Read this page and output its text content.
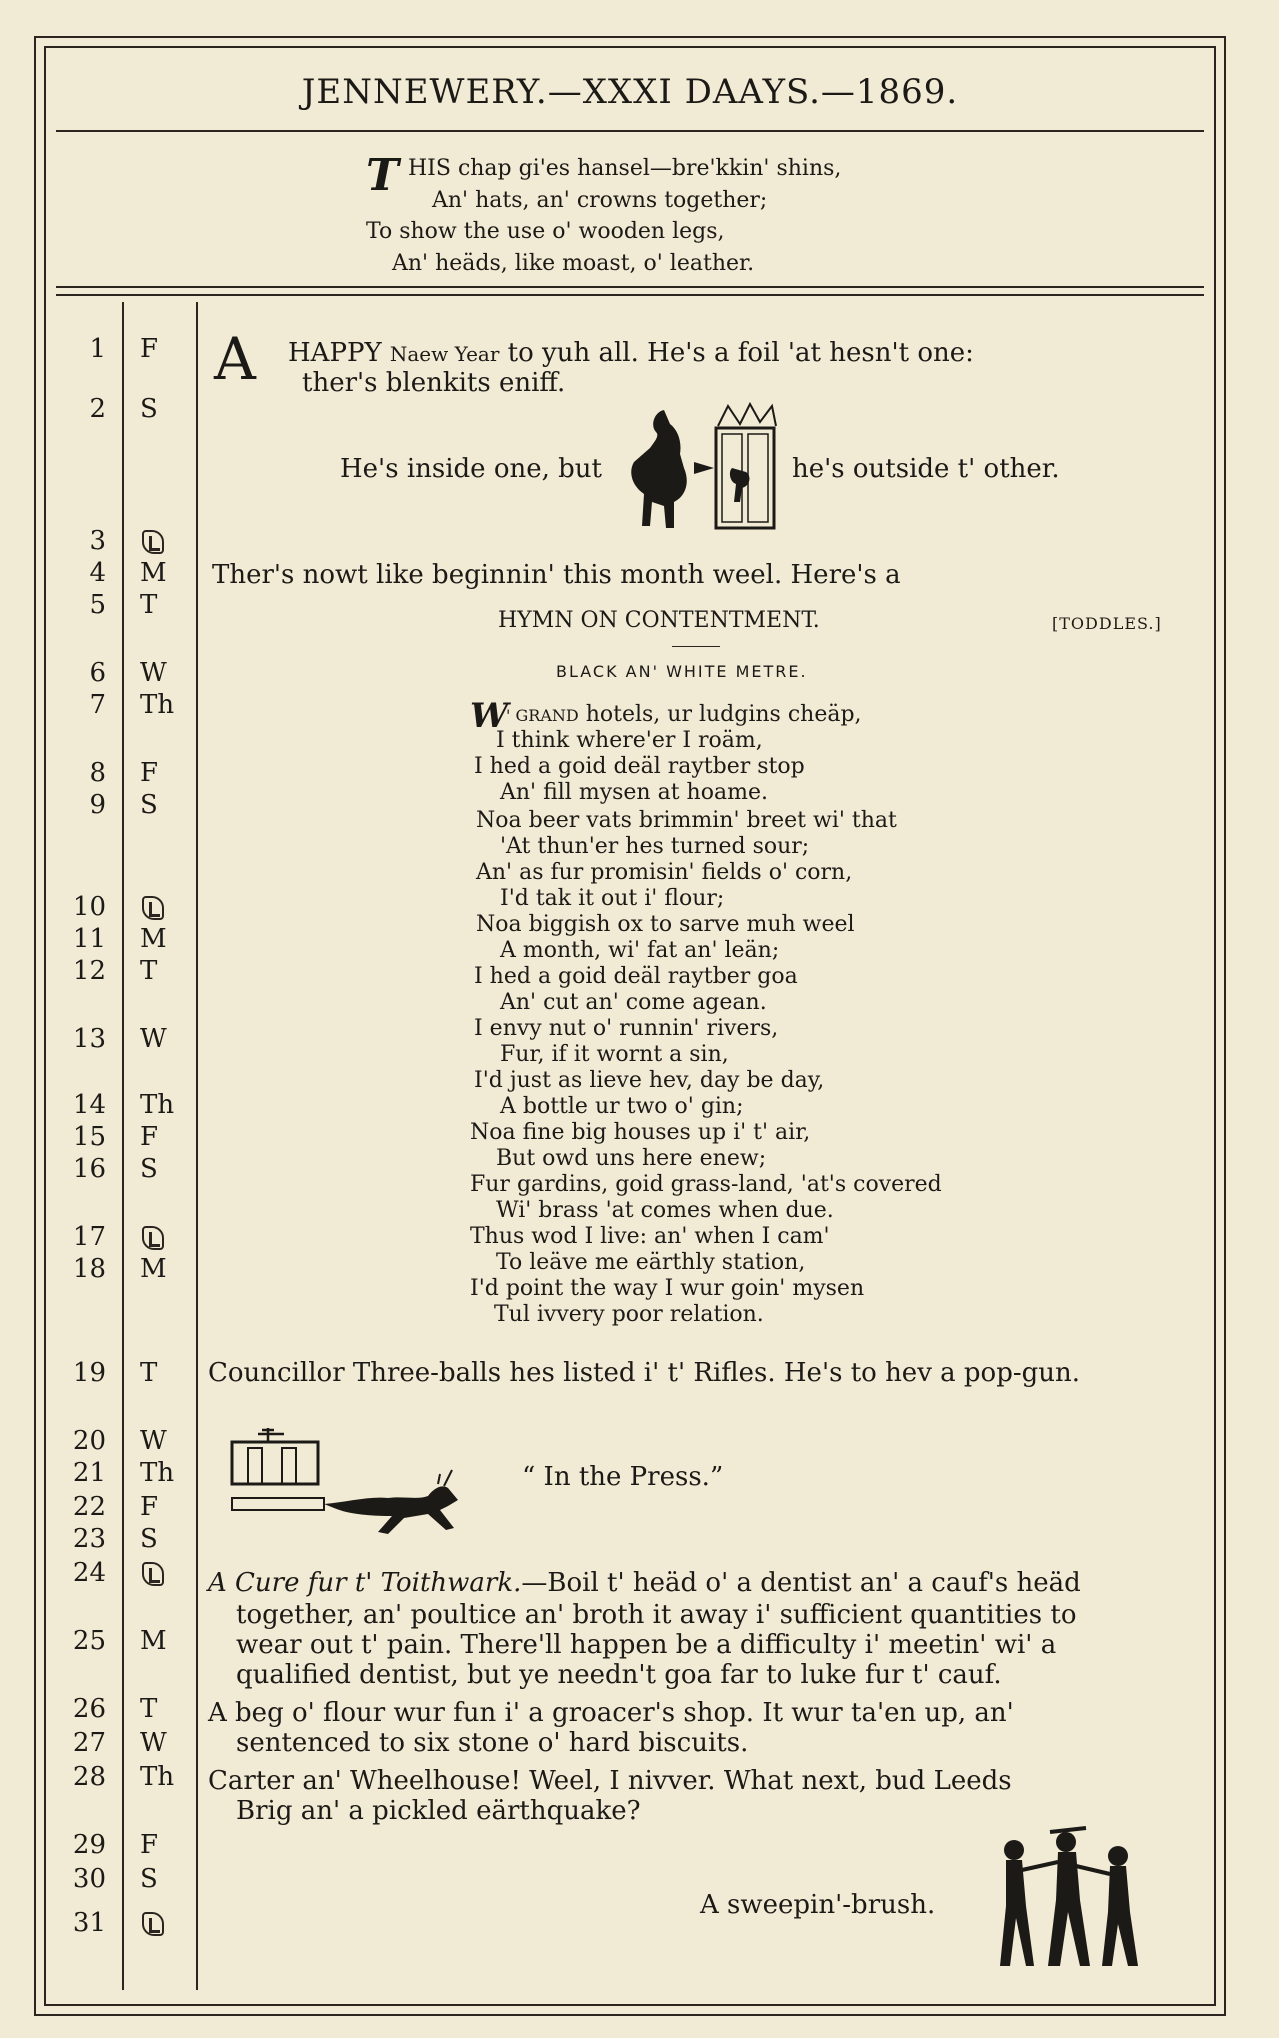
JENNEWERY.—XXXI DAAYS.—1869.
T HIS chap gi'es hansel—bre'kkin' shins,
An' hats, an' crowns together;
To show the use o' wooden legs,
An' heäds, like moast, o' leather.
1 F
2 S
3
4 M
5 T
6 W
7 Th
8 F
9 S
10
11 M
12 T
13 W
14 Th
15 F
16 S
17
18 M
19 T
20 W
21 Th
22 F
23 S
24
25 M
26 T
27 W
28 Th
29 F
30 S
31
A HAPPY Naew Year to yuh all. He's a foil 'at hesn't one:
ther's blenkits eniff.
He's inside one, but	he's outside t' other.
Ther's nowt like beginnin' this month weel. Here's a
HYMN ON CONTENTMENT.	[TODDLES.]
BLACK AN' WHITE METRE.
W
' GRAND hotels, ur ludgins cheäp,
I think where'er I roäm,
I hed a goid deäl raytber stop
An' fill mysen at hoame.
Noa beer vats brimmin' breet wi' that
'At thun'er hes turned sour;
An' as fur promisin' fields o' corn,
I'd tak it out i' flour;
Noa biggish ox to sarve muh weel
A month, wi' fat an' leän;
I hed a goid deäl raytber goa
An' cut an' come agean.
I envy nut o' runnin' rivers,
Fur, if it wornt a sin,
I'd just as lieve hev, day be day,
A bottle ur two o' gin;
Noa fine big houses up i' t' air,
But owd uns here enew;
Fur gardins, goid grass-land, 'at's covered
Wi' brass 'at comes when due.
Thus wod I live: an' when I cam'
To leäve me eärthly station,
I'd point the way I wur goin' mysen
Tul ivvery poor relation.
Councillor Three-balls hes listed i' t' Rifles. He's to hev a pop-gun.
“ In the Press.”
A Cure fur t' Toithwark.—Boil t' heäd o' a dentist an' a cauf's heäd
together, an' poultice an' broth it away i' sufficient quantities to
wear out t' pain. There'll happen be a difficulty i' meetin' wi' a
qualified dentist, but ye needn't goa far to luke fur t' cauf.
A beg o' flour wur fun i' a groacer's shop. It wur ta'en up, an'
sentenced to six stone o' hard biscuits.
Carter an' Wheelhouse! Weel, I nivver. What next, bud Leeds
Brig an' a pickled eärthquake?
A sweepin'-brush.
